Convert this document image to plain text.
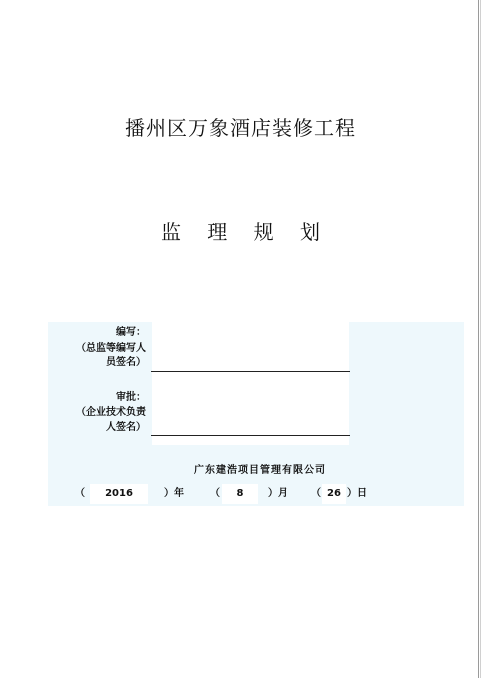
播州区万象酒店装修工程
监 理 规 划
编写：
（总监等编写人
员签名）
审批：
（企业技术负责
人签名）
广东建浩项目管理有限公司
（	2016	）年	（	8	）月 （ 26 ）日
